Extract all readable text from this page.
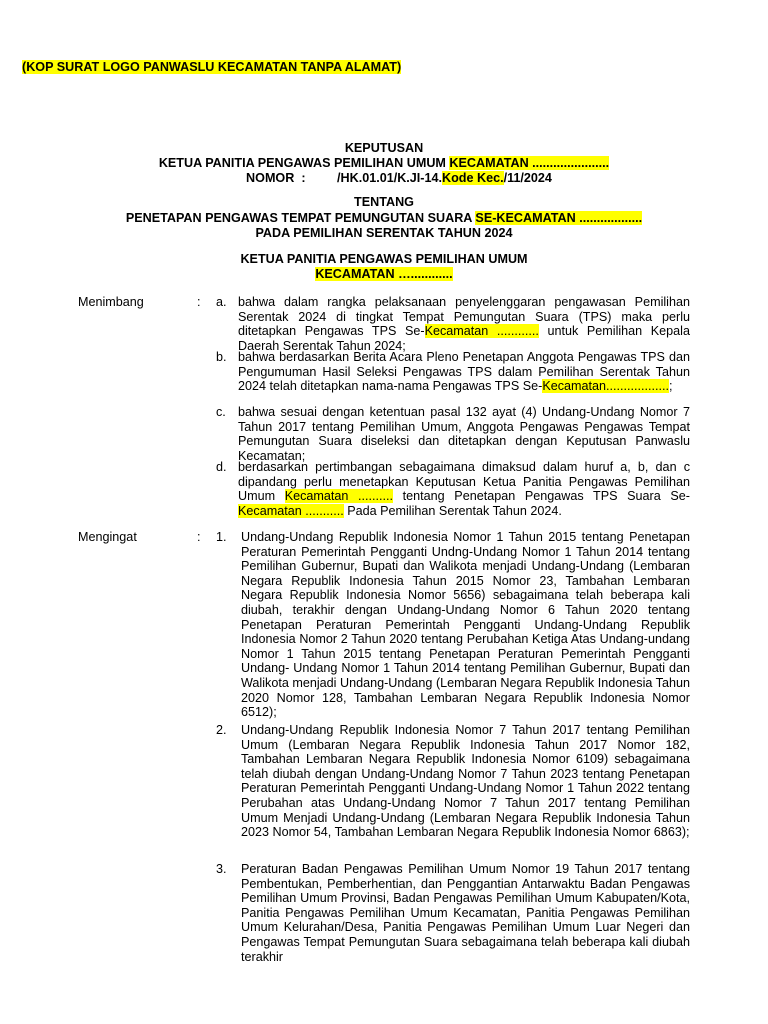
(KOP SURAT LOGO PANWASLU KECAMATAN TANPA ALAMAT)
KEPUTUSAN
KETUA PANITIA PENGAWAS PEMILIHAN UMUM KECAMATAN ......................
NOMOR  :         /HK.01.01/K.JI-14.Kode Kec./11/2024
TENTANG
PENETAPAN PENGAWAS TEMPAT PEMUNGUTAN SUARA SE-KECAMATAN ..................
PADA PEMILIHAN SERENTAK TAHUN 2024
KETUA PANITIA PENGAWAS PEMILIHAN UMUM
KECAMATAN …............
Menimbang	: a. bahwa dalam rangka pelaksanaan penyelenggaran pengawasan Pemilihan Serentak 2024 di tingkat Tempat Pemungutan Suara (TPS) maka perlu ditetapkan Pengawas TPS Se-Kecamatan ............ untuk Pemilihan Kepala Daerah Serentak Tahun 2024;
b. bahwa berdasarkan Berita Acara Pleno Penetapan Anggota Pengawas TPS dan Pengumuman Hasil Seleksi Pengawas TPS dalam Pemilihan Serentak Tahun 2024 telah ditetapkan nama-nama Pengawas TPS Se-Kecamatan..................;
c. bahwa sesuai dengan ketentuan pasal 132 ayat (4) Undang-Undang Nomor 7 Tahun 2017 tentang Pemilihan Umum, Anggota Pengawas Pengawas Tempat Pemungutan Suara diseleksi dan ditetapkan dengan Keputusan Panwaslu Kecamatan;
d. berdasarkan pertimbangan sebagaimana dimaksud dalam huruf a, b, dan c dipandang perlu menetapkan Keputusan Ketua Panitia Pengawas Pemilihan Umum Kecamatan .......... tentang Penetapan Pengawas TPS Suara Se-Kecamatan ........... Pada Pemilihan Serentak Tahun 2024.
Mengingat	: 1. Undang-Undang Republik Indonesia Nomor 1 Tahun 2015 tentang Penetapan Peraturan Pemerintah Pengganti Undng-Undang Nomor 1 Tahun 2014 tentang Pemilihan Gubernur, Bupati dan Walikota menjadi Undang-Undang (Lembaran Negara Republik Indonesia Tahun 2015 Nomor 23, Tambahan Lembaran Negara Republik Indonesia Nomor 5656) sebagaimana telah beberapa kali diubah, terakhir dengan Undang-Undang Nomor 6 Tahun 2020 tentang Penetapan Peraturan Pemerintah Pengganti Undang-Undang Republik Indonesia Nomor 2 Tahun 2020 tentang Perubahan Ketiga Atas Undang-undang Nomor 1 Tahun 2015 tentang Penetapan Peraturan Pemerintah Pengganti Undang- Undang Nomor 1 Tahun 2014 tentang Pemilihan Gubernur, Bupati dan Walikota menjadi Undang-Undang (Lembaran Negara Republik Indonesia Tahun 2020 Nomor 128, Tambahan Lembaran Negara Republik Indonesia Nomor 6512);
2. Undang-Undang Republik Indonesia Nomor 7 Tahun 2017 tentang Pemilihan Umum (Lembaran Negara Republik Indonesia Tahun 2017 Nomor 182, Tambahan Lembaran Negara Republik Indonesia Nomor 6109) sebagaimana telah diubah dengan Undang-Undang Nomor 7 Tahun 2023 tentang Penetapan Peraturan Pemerintah Pengganti Undang-Undang Nomor 1 Tahun 2022 tentang Perubahan atas Undang-Undang Nomor 7 Tahun 2017 tentang Pemilihan Umum Menjadi Undang-Undang (Lembaran Negara Republik Indonesia Tahun 2023 Nomor 54, Tambahan Lembaran Negara Republik Indonesia Nomor 6863);
3. Peraturan Badan Pengawas Pemilihan Umum Nomor 19 Tahun 2017 tentang Pembentukan, Pemberhentian, dan Penggantian Antarwaktu Badan Pengawas Pemilihan Umum Provinsi, Badan Pengawas Pemilihan Umum Kabupaten/Kota, Panitia Pengawas Pemilihan Umum Kecamatan, Panitia Pengawas Pemilihan Umum Kelurahan/Desa, Panitia Pengawas Pemilihan Umum Luar Negeri dan Pengawas Tempat Pemungutan Suara sebagaimana telah beberapa kali diubah terakhir
